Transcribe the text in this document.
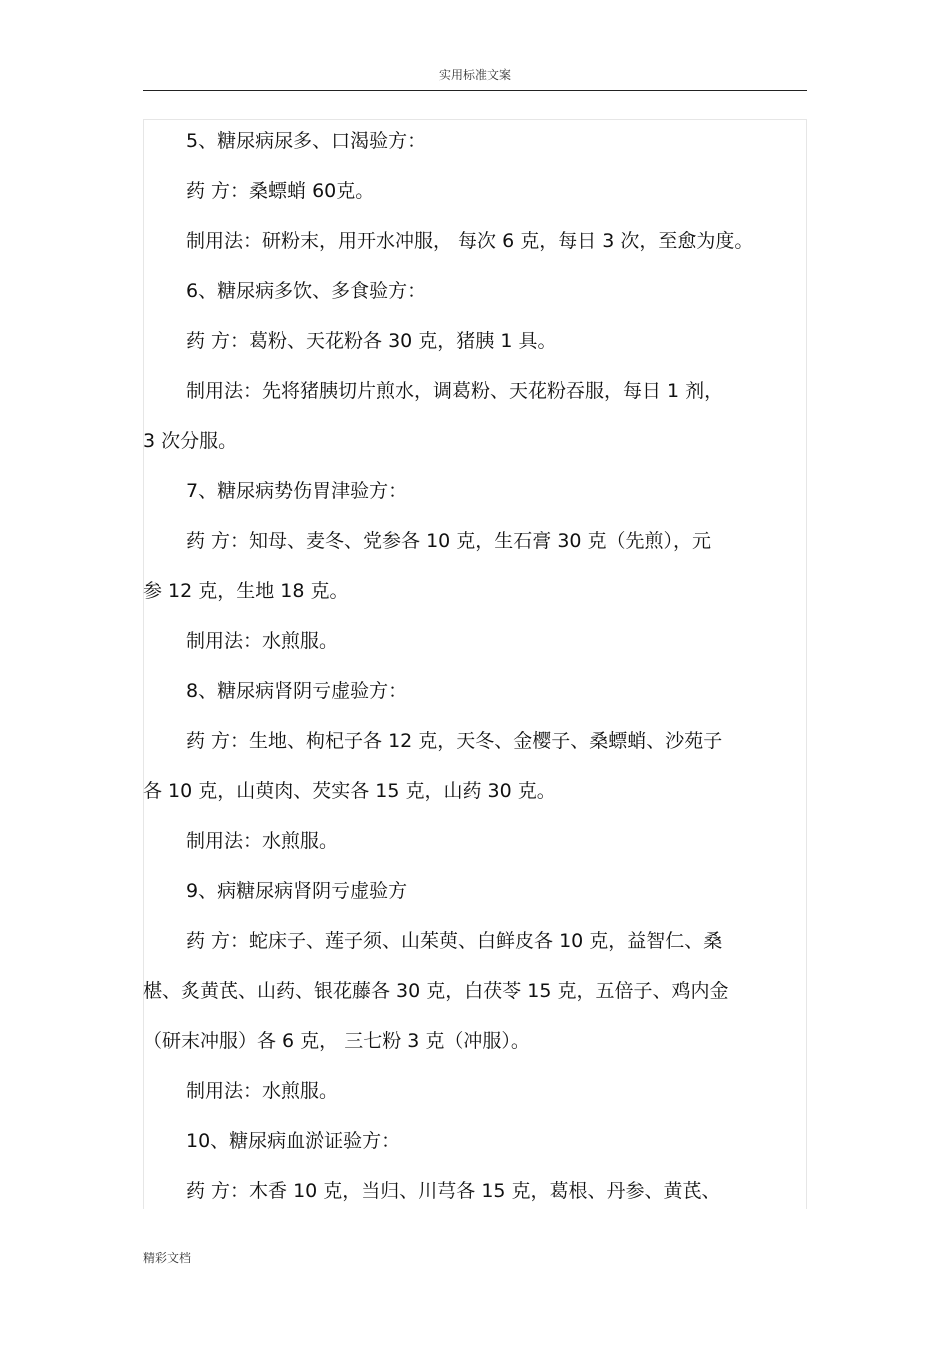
实用标准文案
5、糖尿病尿多、口渴验方：
药 方：桑螵蛸 60克。
制用法：研粉末，用开水冲服， 每次 6 克，每日 3 次，至愈为度。
6、糖尿病多饮、多食验方：
药 方：葛粉、天花粉各 30 克，猪胰 1 具。
制用法：先将猪胰切片煎水，调葛粉、天花粉吞服，每日 1 剂，
3 次分服。
7、糖尿病势伤胃津验方：
药 方：知母、麦冬、党参各 10 克，生石膏 30 克（先煎），元
参 12 克，生地 18 克。
制用法：水煎服。
8、糖尿病肾阴亏虚验方：
药 方：生地、枸杞子各 12 克，天冬、金樱子、桑螵蛸、沙苑子
各 10 克，山萸肉、芡实各 15 克，山药 30 克。
制用法：水煎服。
9、病糖尿病肾阴亏虚验方
药 方：蛇床子、莲子须、山茱萸、白鲜皮各 10 克，益智仁、桑
椹、炙黄芪、山药、银花藤各 30 克，白茯苓 15 克，五倍子、鸡内金
（研末冲服）各 6 克， 三七粉 3 克（冲服）。
制用法：水煎服。
10、糖尿病血淤证验方：
药 方：木香 10 克，当归、川芎各 15 克，葛根、丹参、黄芪、
精彩文档
